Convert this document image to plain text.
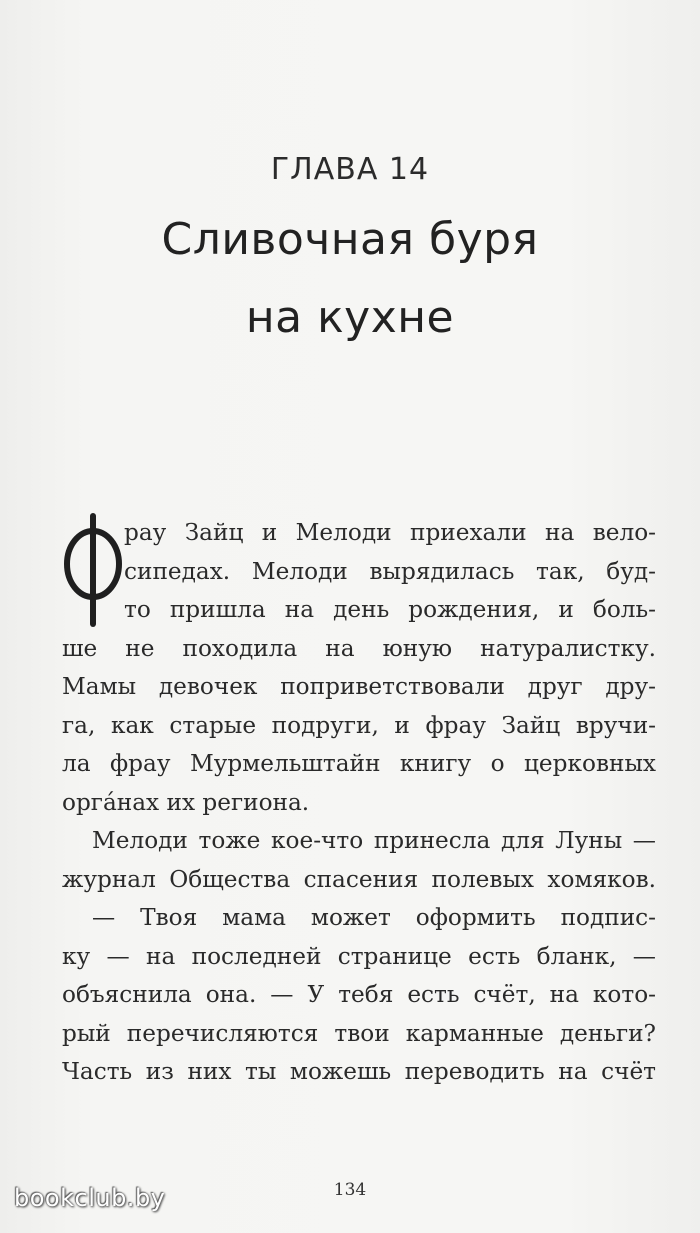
ГЛАВА 14
Сливочная буря
на кухне
рау Зайц и Мелоди приехали на вело-
сипедах. Мелоди вырядилась так, буд-
то пришла на день рождения, и боль-
ше не походила на юную натуралистку.
Мамы девочек поприветствовали друг дру-
га, как старые подруги, и фрау Зайц вручи-
ла фрау Мурмельштайн книгу о церковных
орга́нах их региона.
Мелоди тоже кое-что принесла для Луны —
журнал Общества спасения полевых хомяков.
— Твоя мама может оформить подпис-
ку — на последней странице есть бланк, —
объяснила она. — У тебя есть счёт, на кото-
рый перечисляются твои карманные деньги?
Часть из них ты можешь переводить на счёт
134
bookclub.by
